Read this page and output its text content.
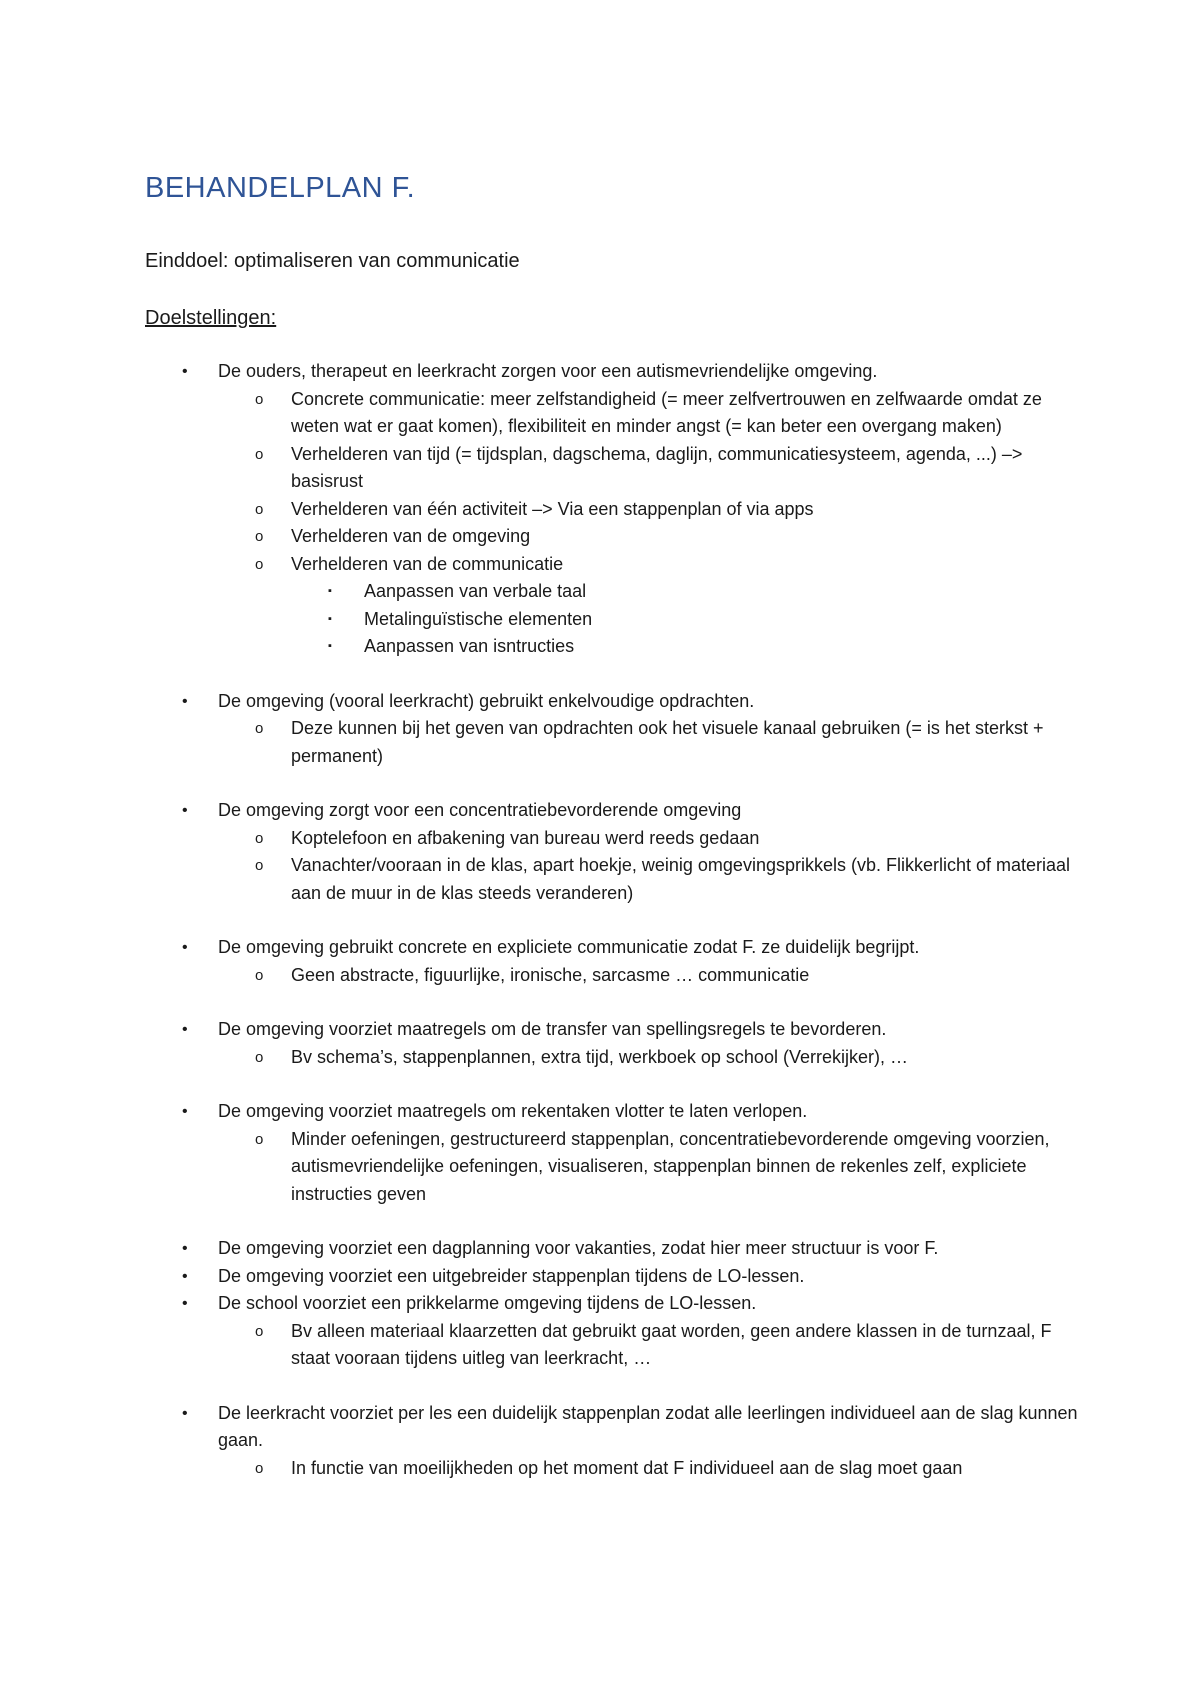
BEHANDELPLAN F.
Einddoel: optimaliseren van communicatie
Doelstellingen:
• De ouders, therapeut en leerkracht zorgen voor een autismevriendelijke omgeving.
o Concrete communicatie: meer zelfstandigheid (= meer zelfvertrouwen en zelfwaarde omdat ze weten wat er gaat komen), flexibiliteit en minder angst (= kan beter een overgang maken)
o Verhelderen van tijd (= tijdsplan, dagschema, daglijn, communicatiesysteem, agenda, ...) –> basisrust
o Verhelderen van één activiteit –> Via een stappenplan of via apps
o Verhelderen van de omgeving
o Verhelderen van de communicatie
▪ Aanpassen van verbale taal
▪ Metalinguïstische elementen
▪ Aanpassen van isntructies
• De omgeving (vooral leerkracht) gebruikt enkelvoudige opdrachten.
o Deze kunnen bij het geven van opdrachten ook het visuele kanaal gebruiken (= is het sterkst + permanent)
• De omgeving zorgt voor een concentratiebevorderende omgeving
o Koptelefoon en afbakening van bureau werd reeds gedaan
o Vanachter/vooraan in de klas, apart hoekje, weinig omgevingsprikkels (vb. Flikkerlicht of materiaal aan de muur in de klas steeds veranderen)
• De omgeving gebruikt concrete en expliciete communicatie zodat F. ze duidelijk begrijpt.
o Geen abstracte, figuurlijke, ironische, sarcasme … communicatie
• De omgeving voorziet maatregels om de transfer van spellingsregels te bevorderen.
o Bv schema’s, stappenplannen, extra tijd, werkboek op school (Verrekijker), …
• De omgeving voorziet maatregels om rekentaken vlotter te laten verlopen.
o Minder oefeningen, gestructureerd stappenplan, concentratiebevorderende omgeving voorzien, autismevriendelijke oefeningen, visualiseren, stappenplan binnen de rekenles zelf, expliciete instructies geven
• De omgeving voorziet een dagplanning voor vakanties, zodat hier meer structuur is voor F.
• De omgeving voorziet een uitgebreider stappenplan tijdens de LO-lessen.
• De school voorziet een prikkelarme omgeving tijdens de LO-lessen.
o Bv alleen materiaal klaarzetten dat gebruikt gaat worden, geen andere klassen in de turnzaal, F staat vooraan tijdens uitleg van leerkracht, …
• De leerkracht voorziet per les een duidelijk stappenplan zodat alle leerlingen individueel aan de slag kunnen gaan.
o In functie van moeilijkheden op het moment dat F individueel aan de slag moet gaan
